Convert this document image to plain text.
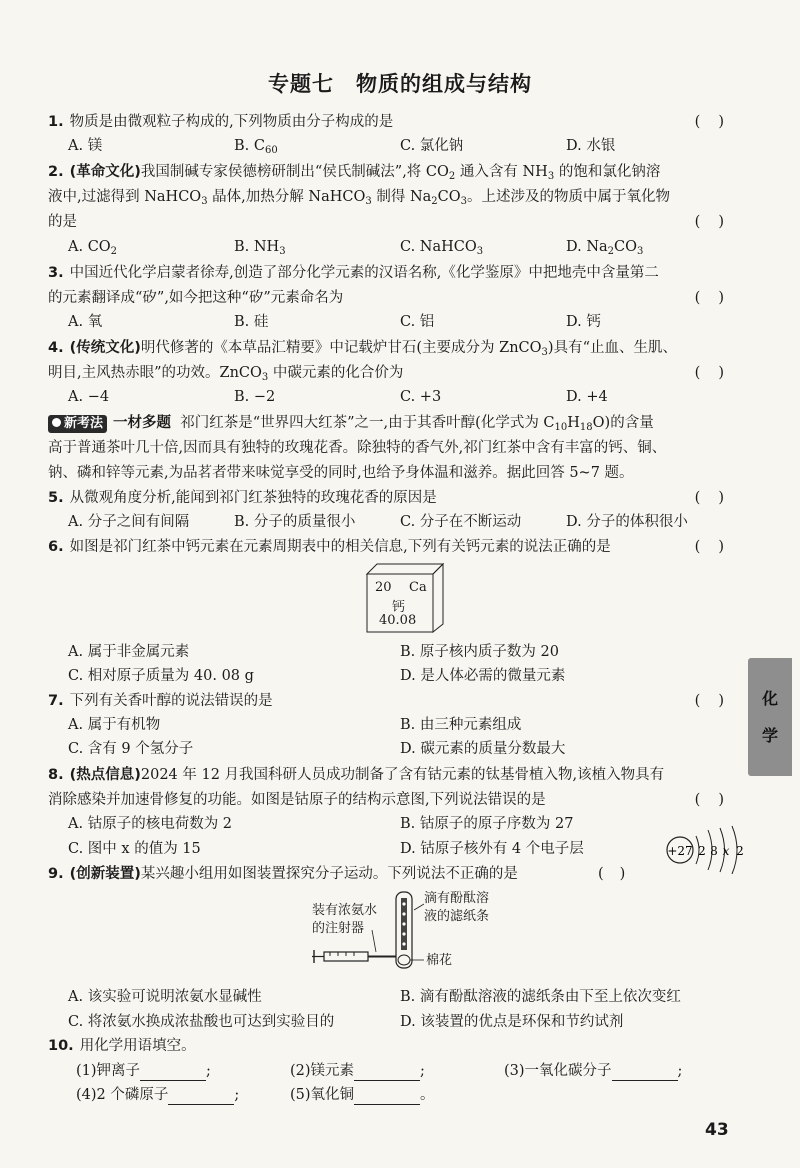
专题七 物质的组成与结构
1. 物质是由微观粒子构成的,下列物质由分子构成的是	()
A. 镁	B. $C_{60}$	C. 氯化钠	D. 水银
2. (革命文化)我国制碱专家侯德榜研制出“侯氏制碱法”,将 $CO_2$ 通入含有 $NH_3$ 的饱和氯化钠溶
液中,过滤得到 NaHCO$_3$ 晶体,加热分解 NaHCO$_3$ 制得 $Na_2CO_3$。上述涉及的物质中属于氧化物
的是	()
A. $CO_2$	B. $NH_3$	C. NaHCO$_3$	D. $Na_2CO_3$
3. 中国近代化学启蒙者徐寿,创造了部分化学元素的汉语名称,《化学鉴原》中把地壳中含量第二
的元素翻译成“矽”,如今把这种“矽”元素命名为	()
A. 氧	B. 硅	C. 铝	D. 钙
4. (传统文化)明代修著的《本草品汇精要》中记载炉甘石(主要成分为 ZnCO$_3$)具有“止血、生肌、
明目,主风热赤眼”的功效。ZnCO$_3$ 中碳元素的化合价为	()
A. −4	B. −2	C. +3	D. +4
新考法 一材多题 祁门红茶是“世界四大红茶”之一,由于其香叶醇(化学式为 $C_{10}H_{18}O$)的含量
高于普通茶叶几十倍,因而具有独特的玫瑰花香。除独特的香气外,祁门红茶中含有丰富的钙、铜、
钠、磷和锌等元素,为品茗者带来味觉享受的同时,也给予身体温和滋养。据此回答 5~7 题。
5. 从微观角度分析,能闻到祁门红茶独特的玫瑰花香的原因是	()
A. 分子之间有间隔	B. 分子的质量很小	C. 分子在不断运动	D. 分子的体积很小
6. 如图是祁门红茶中钙元素在元素周期表中的相关信息,下列有关钙元素的说法正确的是	()
20 Ca
钙
40.08
A. 属于非金属元素	B. 原子核内质子数为 20
C. 相对原子质量为 40. 08 g	D. 是人体必需的微量元素
7. 下列有关香叶醇的说法错误的是	()
A. 属于有机物	B. 由三种元素组成
C. 含有 9 个氢分子	D. 碳元素的质量分数最大
8. (热点信息)2024 年 12 月我国科研人员成功制备了含有钴元素的钛基骨植入物,该植入物具有
消除感染并加速骨修复的功能。如图是钴原子的结构示意图,下列说法错误的是	()
A. 钴原子的核电荷数为 2	B. 钴原子的原子序数为 27
C. 图中 x 的值为 15	D. 钴原子核外有 4 个电子层	+27 2 8 x 2
9. (创新装置)某兴趣小组用如图装置探究分子运动。下列说法不正确的是	()
装有浓氨水
的注射器
滴有酚酞溶
液的滤纸条
棉花
A. 该实验可说明浓氨水显碱性	B. 滴有酚酞溶液的滤纸条由下至上依次变红
C. 将浓氨水换成浓盐酸也可达到实验目的	D. 该装置的优点是环保和节约试剂
10. 用化学用语填空。
(1)钾离子	;	(2)镁元素	;	(3)一氧化碳分子	;
(4)2 个磷原子	;	(5)氧化铜	。
化
学
43
